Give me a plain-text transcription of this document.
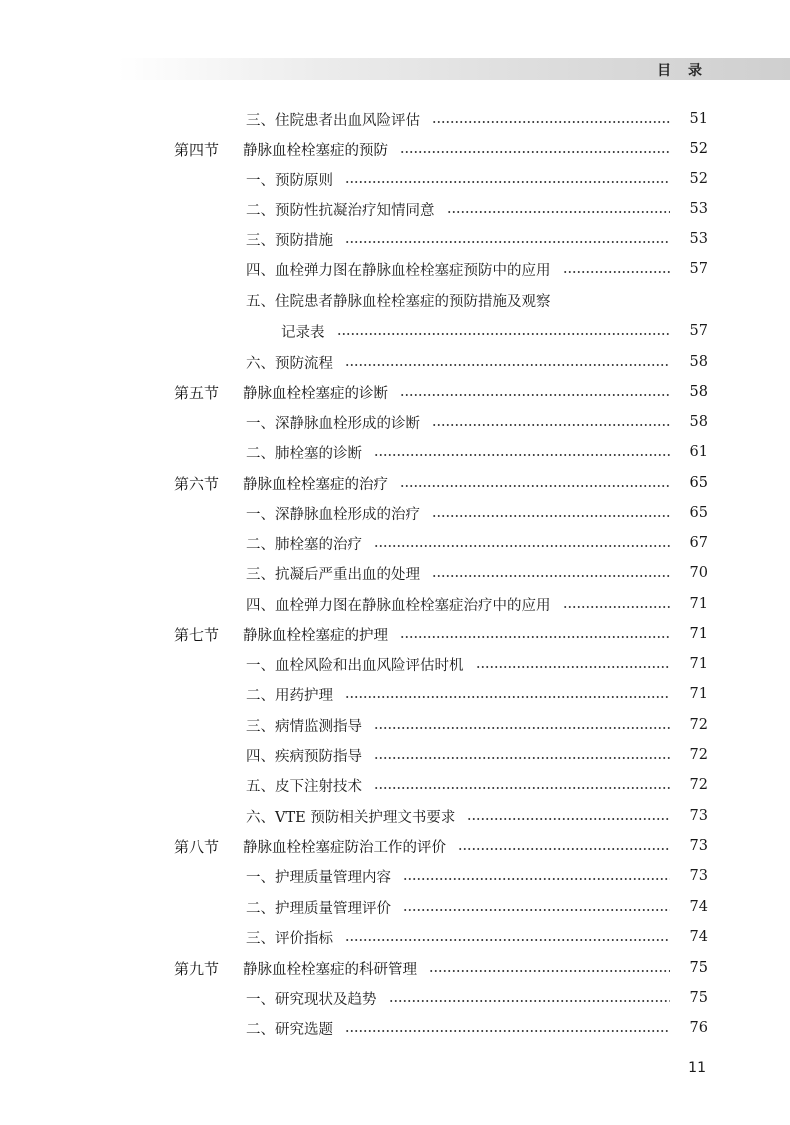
目 录
三、住院患者出血风险评估	51
第四节 静脉血栓栓塞症的预防	52
一、预防原则	52
二、预防性抗凝治疗知情同意	53
三、预防措施	53
四、血栓弹力图在静脉血栓栓塞症预防中的应用	57
五、住院患者静脉血栓栓塞症的预防措施及观察
记录表	57
六、预防流程	58
第五节 静脉血栓栓塞症的诊断	58
一、深静脉血栓形成的诊断	58
二、肺栓塞的诊断	61
第六节 静脉血栓栓塞症的治疗	65
一、深静脉血栓形成的治疗	65
二、肺栓塞的治疗	67
三、抗凝后严重出血的处理	70
四、血栓弹力图在静脉血栓栓塞症治疗中的应用	71
第七节 静脉血栓栓塞症的护理	71
一、血栓风险和出血风险评估时机	71
二、用药护理	71
三、病情监测指导	72
四、疾病预防指导	72
五、皮下注射技术	72
六、VTE 预防相关护理文书要求	73
第八节 静脉血栓栓塞症防治工作的评价	73
一、护理质量管理内容	73
二、护理质量管理评价	74
三、评价指标	74
第九节 静脉血栓栓塞症的科研管理	75
一、研究现状及趋势	75
二、研究选题	76
11
